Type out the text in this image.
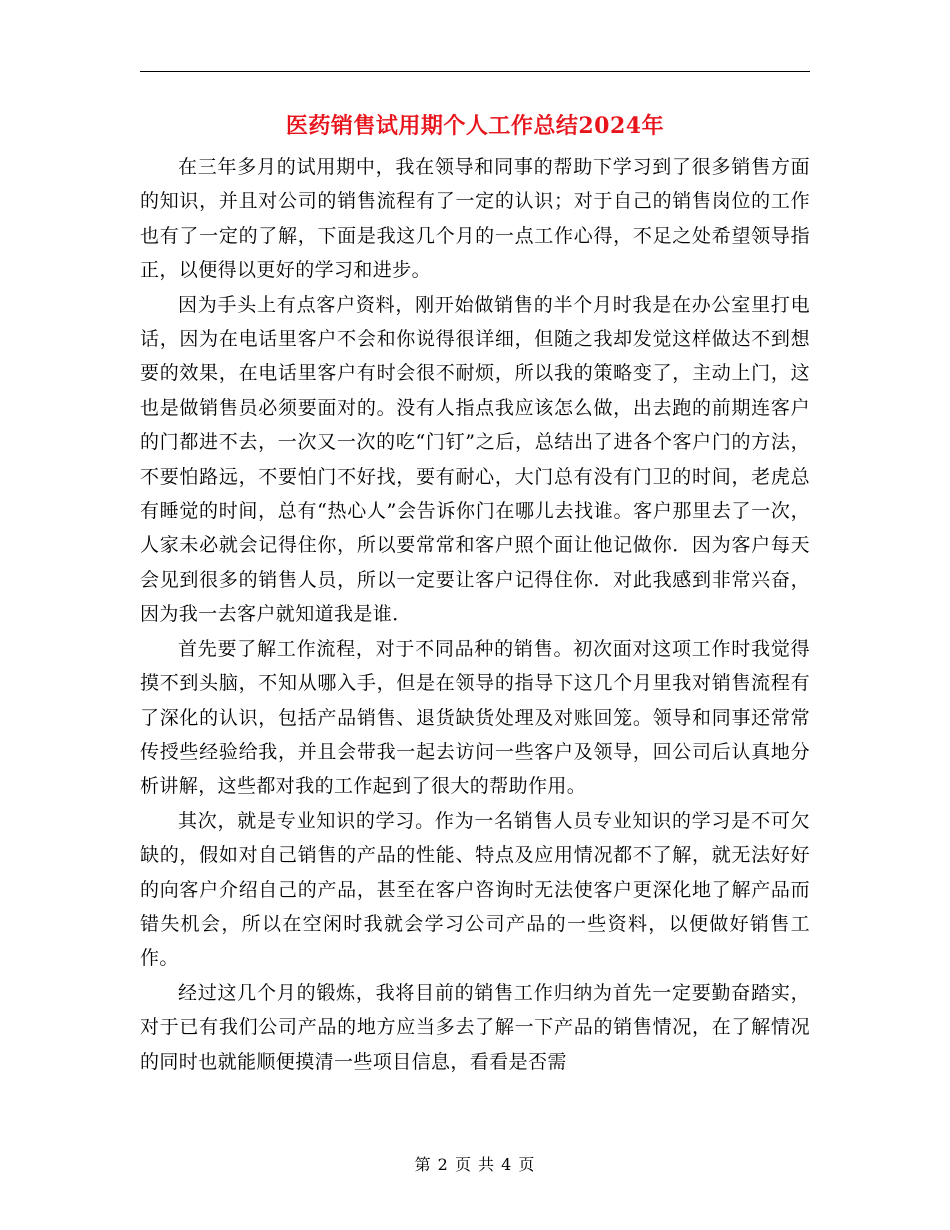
医药销售试用期个人工作总结2024年

在三年多月的试用期中，我在领导和同事的帮助下学习到了很多销售方面的知识，并且对公司的销售流程有了一定的认识；对于自己的销售岗位的工作也有了一定的了解，下面是我这几个月的一点工作心得，不足之处希望领导指正，以便得以更好的学习和进步。

因为手头上有点客户资料，刚开始做销售的半个月时我是在办公室里打电话，因为在电话里客户不会和你说得很详细，但随之我却发觉这样做达不到想要的效果，在电话里客户有时会很不耐烦，所以我的策略变了，主动上门，这也是做销售员必须要面对的。没有人指点我应该怎么做，出去跑的前期连客户的门都进不去，一次又一次的吃“门钉”之后，总结出了进各个客户门的方法，不要怕路远，不要怕门不好找，要有耐心，大门总有没有门卫的时间，老虎总有睡觉的时间，总有“热心人”会告诉你门在哪儿去找谁。客户那里去了一次，人家未必就会记得住你，所以要常常和客户照个面让他记做你．因为客户每天会见到很多的销售人员，所以一定要让客户记得住你．对此我感到非常兴奋，因为我一去客户就知道我是谁．

首先要了解工作流程，对于不同品种的销售。初次面对这项工作时我觉得摸不到头脑，不知从哪入手，但是在领导的指导下这几个月里我对销售流程有了深化的认识，包括产品销售、退货缺货处理及对账回笼。领导和同事还常常传授些经验给我，并且会带我一起去访问一些客户及领导，回公司后认真地分析讲解，这些都对我的工作起到了很大的帮助作用。

其次，就是专业知识的学习。作为一名销售人员专业知识的学习是不可欠缺的，假如对自己销售的产品的性能、特点及应用情况都不了解，就无法好好的向客户介绍自己的产品，甚至在客户咨询时无法使客户更深化地了解产品而错失机会，所以在空闲时我就会学习公司产品的一些资料，以便做好销售工作。

经过这几个月的锻炼，我将目前的销售工作归纳为首先一定要勤奋踏实，对于已有我们公司产品的地方应当多去了解一下产品的销售情况，在了解情况的同时也就能顺便摸清一些项目信息，看看是否需

第 2 页 共 4 页
